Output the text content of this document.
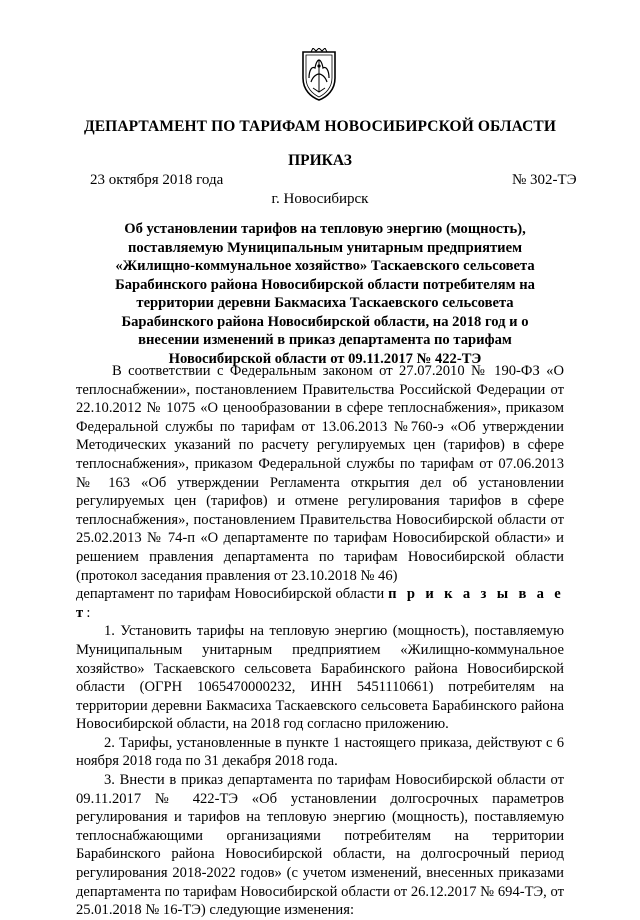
ДЕПАРТАМЕНТ ПО ТАРИФАМ НОВОСИБИРСКОЙ ОБЛАСТИ
ПРИКАЗ
23 октября 2018 года	№ 302-ТЭ
г. Новосибирск
Об установлении тарифов на тепловую энергию (мощность), поставляемую Муниципальным унитарным предприятием «Жилищно-коммунальное хозяйство» Таскаевского сельсовета Барабинского района Новосибирской области потребителям на территории деревни Бакмасиха Таскаевского сельсовета Барабинского района Новосибирской области, на 2018 год и о внесении изменений в приказ департамента по тарифам Новосибирской области от 09.11.2017 № 422-ТЭ

В соответствии с Федеральным законом от 27.07.2010 № 190-ФЗ «О теплоснабжении», постановлением Правительства Российской Федерации от 22.10.2012 № 1075 «О ценообразовании в сфере теплоснабжения», приказом Федеральной службы по тарифам от 13.06.2013 №760-э «Об утверждении Методических указаний по расчету регулируемых цен (тарифов) в сфере теплоснабжения», приказом Федеральной службы по тарифам от 07.06.2013 № 163 «Об утверждении Регламента открытия дел об установлении регулируемых цен (тарифов) и отмене регулирования тарифов в сфере теплоснабжения», постановлением Правительства Новосибирской области от 25.02.2013 № 74-п «О департаменте по тарифам Новосибирской области» и решением правления департамента по тарифам Новосибирской области (протокол заседания правления от 23.10.2018 № 46)

департамент по тарифам Новосибирской области п р и к а з ы в а е т:

1. Установить тарифы на тепловую энергию (мощность), поставляемую Муниципальным унитарным предприятием «Жилищно-коммунальное хозяйство» Таскаевского сельсовета Барабинского района Новосибирской области (ОГРН 1065470000232, ИНН 5451110661) потребителям на территории деревни Бакмасиха Таскаевского сельсовета Барабинского района Новосибирской области, на 2018 год согласно приложению.

2. Тарифы, установленные в пункте 1 настоящего приказа, действуют с 6 ноября 2018 года по 31 декабря 2018 года.

3. Внести в приказ департамента по тарифам Новосибирской области от 09.11.2017 № 422-ТЭ «Об установлении долгосрочных параметров регулирования и тарифов на тепловую энергию (мощность), поставляемую теплоснабжающими организациями потребителям на территории Барабинского района Новосибирской области, на долгосрочный период регулирования 2018-2022 годов» (с учетом изменений, внесенных приказами департамента по тарифам Новосибирской области от 26.12.2017 № 694-ТЭ, от 25.01.2018 № 16-ТЭ) следующие изменения:
